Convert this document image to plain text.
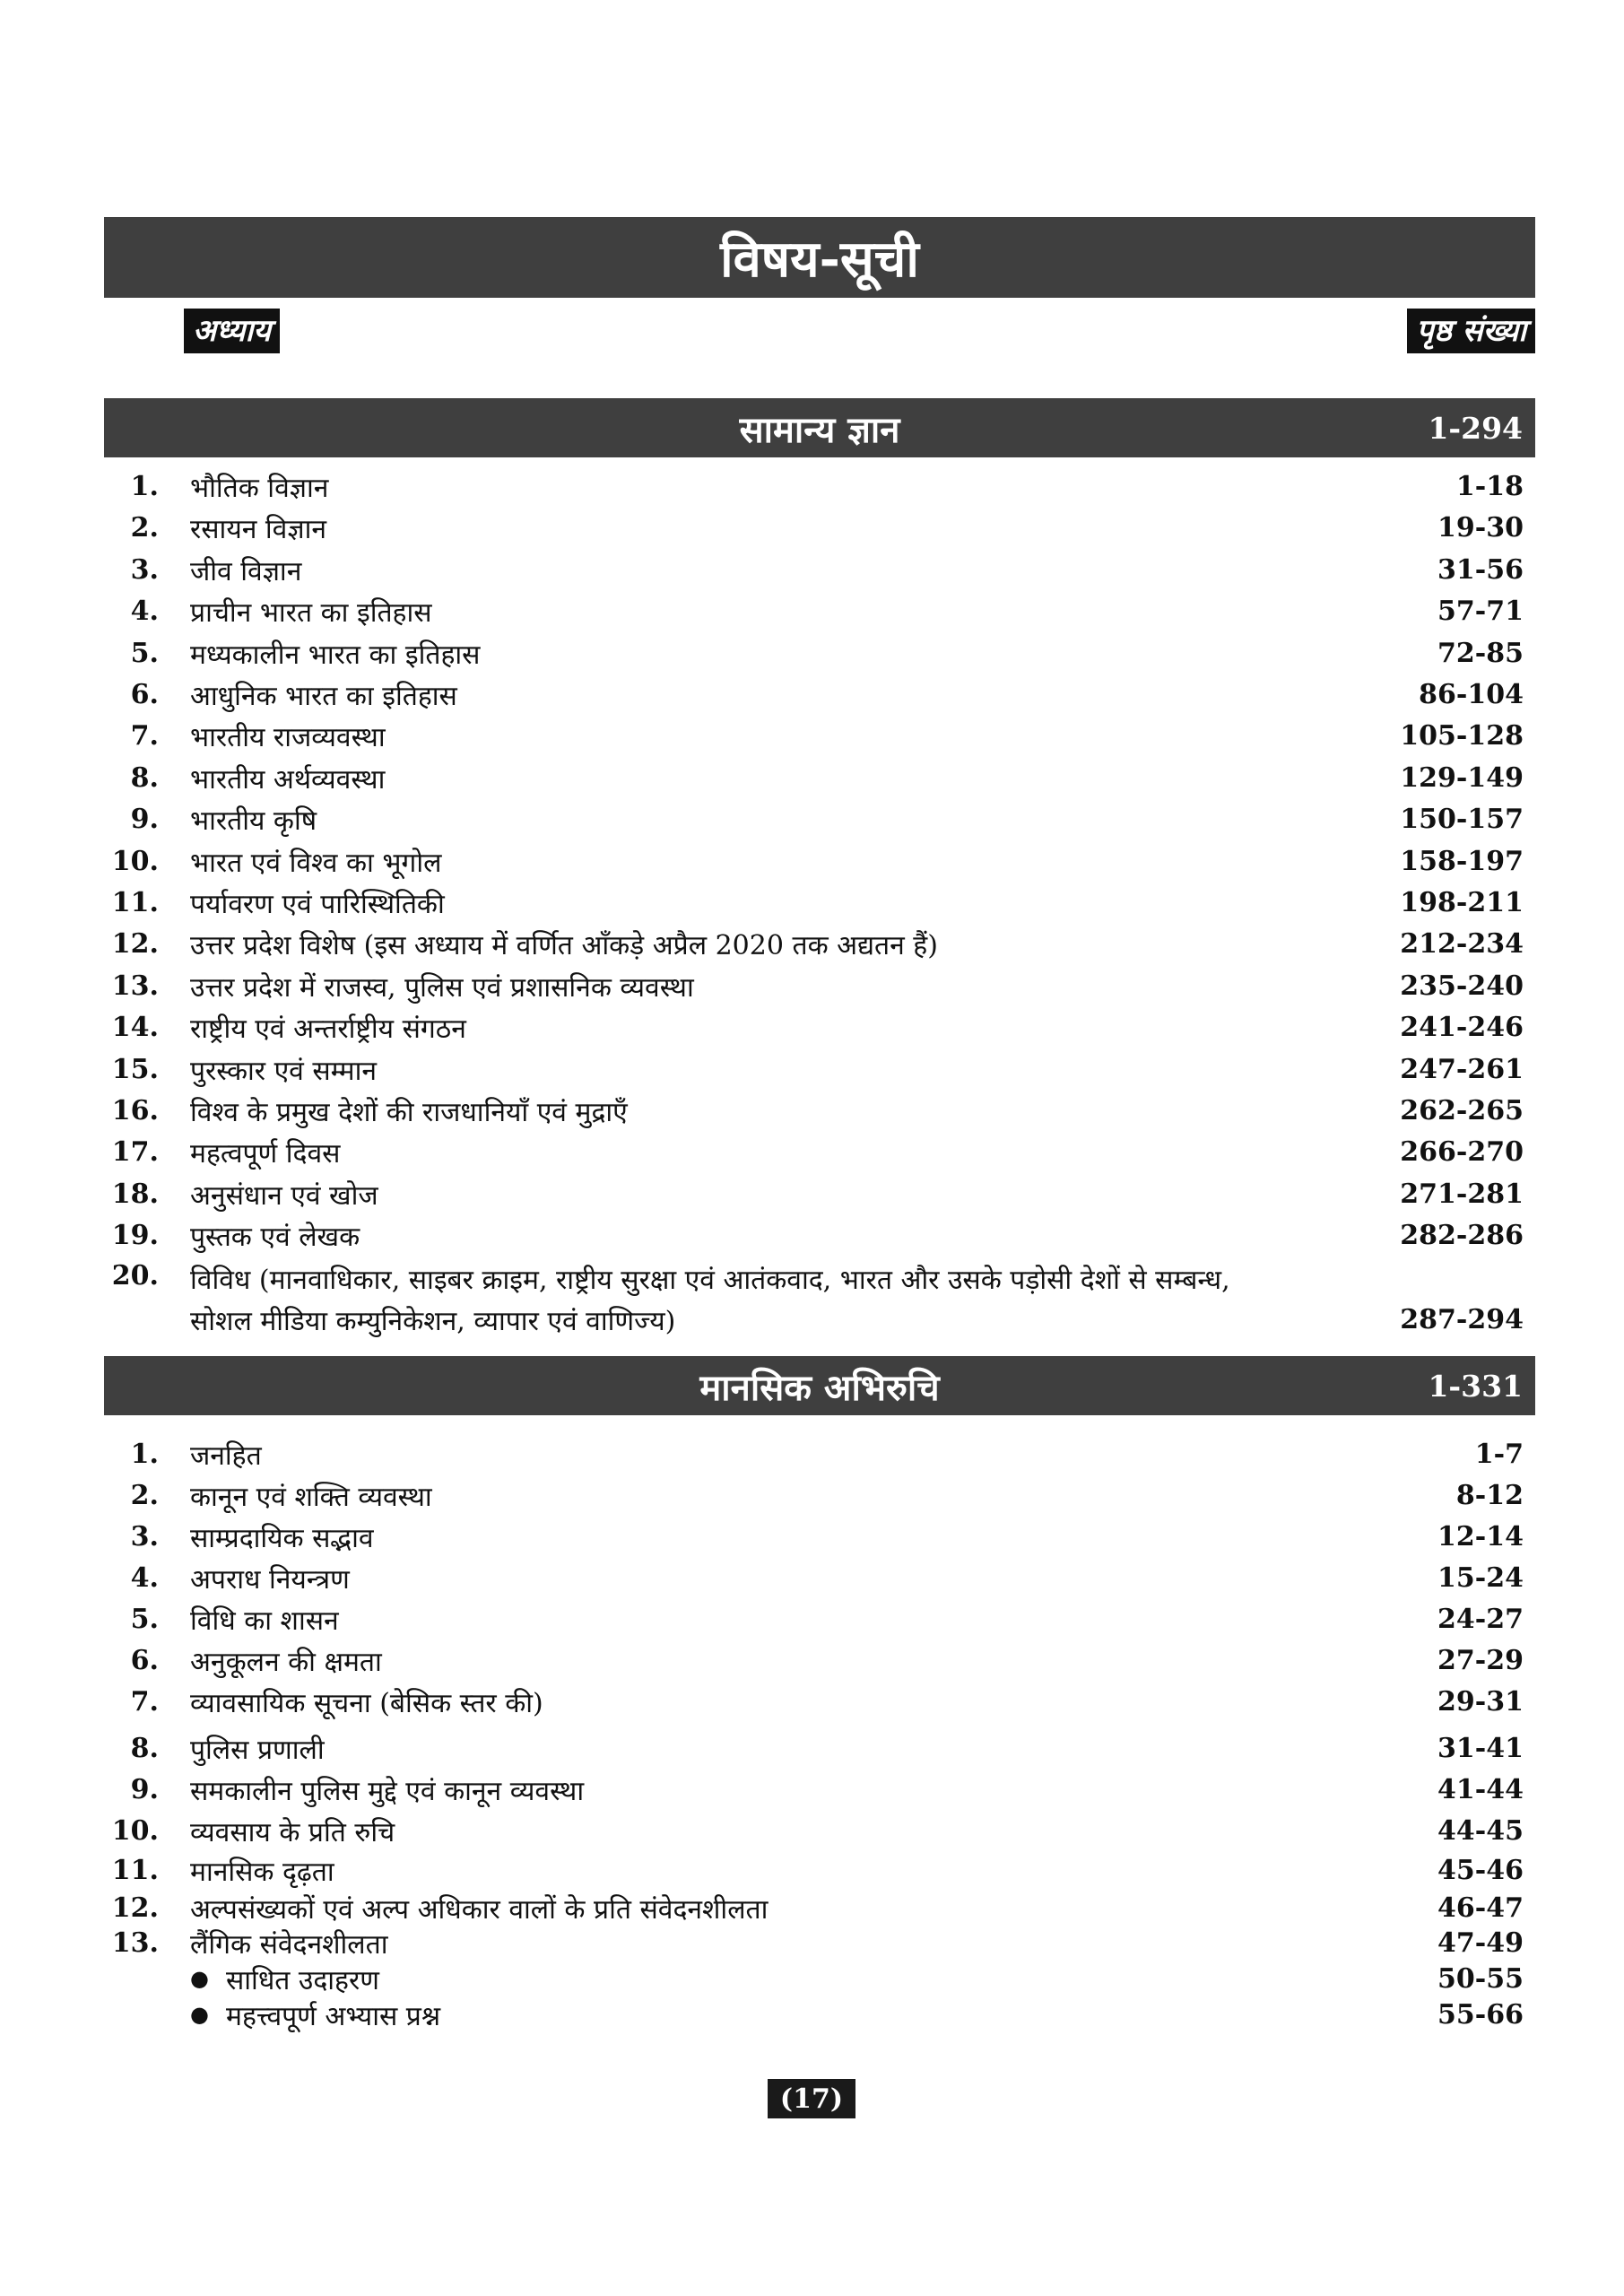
विषय-सूची
अध्याय	पृष्ठ संख्या
सामान्य ज्ञान	1-294
1. भौतिक विज्ञान	1-18
2. रसायन विज्ञान	19-30
3. जीव विज्ञान	31-56
4. प्राचीन भारत का इतिहास	57-71
5. मध्यकालीन भारत का इतिहास	72-85
6. आधुनिक भारत का इतिहास	86-104
7. भारतीय राजव्यवस्था	105-128
8. भारतीय अर्थव्यवस्था	129-149
9. भारतीय कृषि	150-157
10. भारत एवं विश्व का भूगोल	158-197
11. पर्यावरण एवं पारिस्थितिकी	198-211
12. उत्तर प्रदेश विशेष (इस अध्याय में वर्णित आँकड़े अप्रैल 2020 तक अद्यतन हैं)	212-234
13. उत्तर प्रदेश में राजस्व, पुलिस एवं प्रशासनिक व्यवस्था	235-240
14. राष्ट्रीय एवं अन्तर्राष्ट्रीय संगठन	241-246
15. पुरस्कार एवं सम्मान	247-261
16. विश्व के प्रमुख देशों की राजधानियाँ एवं मुद्राएँ	262-265
17. महत्वपूर्ण दिवस	266-270
18. अनुसंधान एवं खोज	271-281
19. पुस्तक एवं लेखक	282-286
20. विविध (मानवाधिकार, साइबर क्राइम, राष्ट्रीय सुरक्षा एवं आतंकवाद, भारत और उसके पड़ोसी देशों से सम्बन्ध,
सोशल मीडिया कम्युनिकेशन, व्यापार एवं वाणिज्य)	287-294
मानसिक अभिरुचि	1-331
1. जनहित	1-7
2. कानून एवं शक्ति व्यवस्था	8-12
3. साम्प्रदायिक सद्भाव	12-14
4. अपराध नियन्त्रण	15-24
5. विधि का शासन	24-27
6. अनुकूलन की क्षमता	27-29
7. व्यावसायिक सूचना (बेसिक स्तर की)	29-31
8. पुलिस प्रणाली	31-41
9. समकालीन पुलिस मुद्दे एवं कानून व्यवस्था	41-44
10. व्यवसाय के प्रति रुचि	44-45
11. मानसिक दृढ़ता	45-46
12. अल्पसंख्यकों एवं अल्प अधिकार वालों के प्रति संवेदनशीलता	46-47
13. लैंगिक संवेदनशीलता	47-49
● साधित उदाहरण	50-55
● महत्त्वपूर्ण अभ्यास प्रश्न	55-66
(17)
